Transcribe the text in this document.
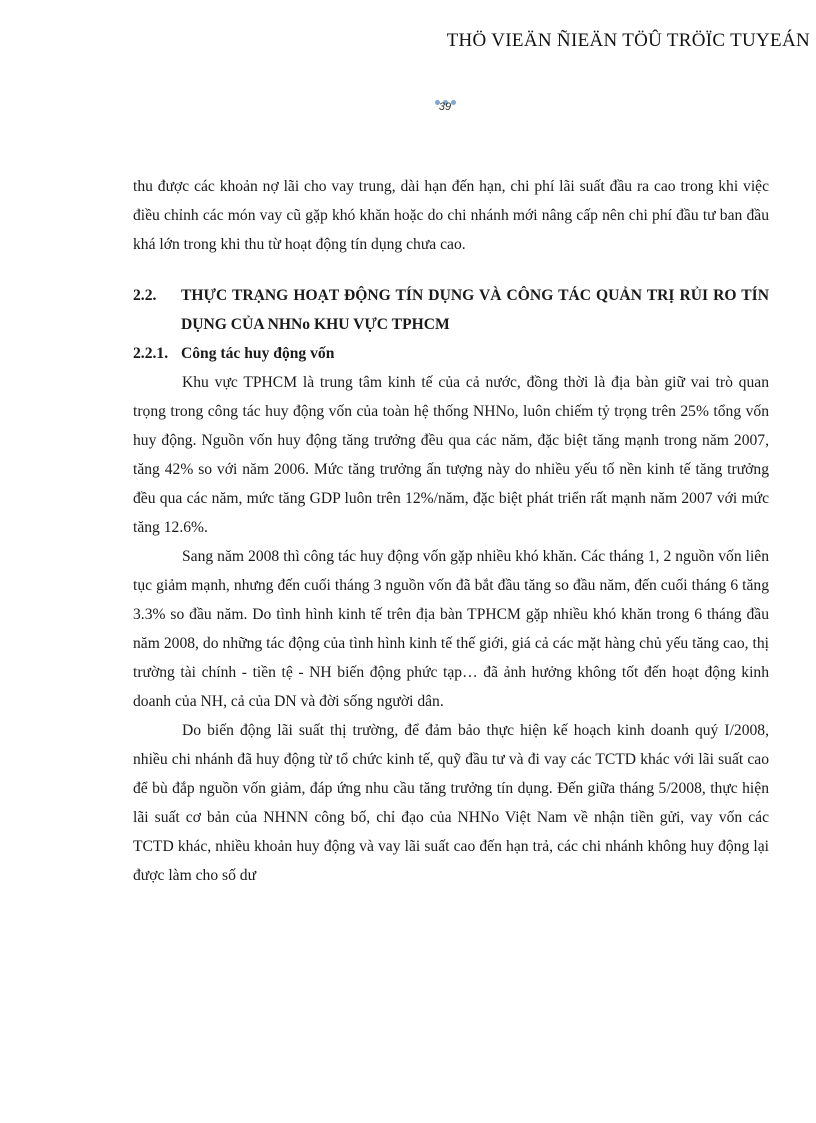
THÖ VIEÄN ÑIEÄN TÖÛ TRÖÏC TUYEÁN
39

thu được các khoản nợ lãi cho vay trung, dài hạn đến hạn, chi phí lãi suất đầu ra cao trong khi việc điều chỉnh các món vay cũ gặp khó khăn hoặc do chi nhánh mới nâng cấp nên chi phí đầu tư ban đầu khá lớn trong khi thu từ hoạt động tín dụng chưa cao.

2.2.	THỰC TRẠNG HOẠT ĐỘNG TÍN DỤNG VÀ CÔNG TÁC QUẢN TRỊ RỦI RO TÍN DỤNG CỦA NHNo KHU VỰC TPHCM
2.2.1. Công tác huy động vốn

Khu vực TPHCM là trung tâm kinh tế của cả nước, đồng thời là địa bàn giữ vai trò quan trọng trong công tác huy động vốn của toàn hệ thống NHNo, luôn chiếm tỷ trọng trên 25% tổng vốn huy động. Nguồn vốn huy động tăng trưởng đều qua các năm, đặc biệt tăng mạnh trong năm 2007, tăng 42% so với năm 2006. Mức tăng trưởng ấn tượng này do nhiều yếu tố nền kinh tế tăng trưởng đều qua các năm, mức tăng GDP luôn trên 12%/năm, đặc biệt phát triển rất mạnh năm 2007 với mức tăng 12.6%.

Sang năm 2008 thì công tác huy động vốn gặp nhiều khó khăn. Các tháng 1, 2 nguồn vốn liên tục giảm mạnh, nhưng đến cuối tháng 3 nguồn vốn đã bắt đầu tăng so đầu năm, đến cuối tháng 6 tăng 3.3% so đầu năm. Do tình hình kinh tế trên địa bàn TPHCM gặp nhiều khó khăn trong 6 tháng đầu năm 2008, do những tác động của tình hình kinh tế thế giới, giá cả các mặt hàng chủ yếu tăng cao, thị trường tài chính - tiền tệ - NH biến động phức tạp… đã ảnh hưởng không tốt đến hoạt động kinh doanh của NH, cả của DN và đời sống người dân.

Do biến động lãi suất thị trường, để đảm bảo thực hiện kế hoạch kinh doanh quý I/2008, nhiều chi nhánh đã huy động từ tổ chức kinh tế, quỹ đầu tư và đi vay các TCTD khác với lãi suất cao để bù đắp nguồn vốn giảm, đáp ứng nhu cầu tăng trưởng tín dụng. Đến giữa tháng 5/2008, thực hiện lãi suất cơ bản của NHNN công bố, chỉ đạo của NHNo Việt Nam về nhận tiền gửi, vay vốn các TCTD khác, nhiều khoản huy động và vay lãi suất cao đến hạn trả, các chi nhánh không huy động lại được làm cho số dư
